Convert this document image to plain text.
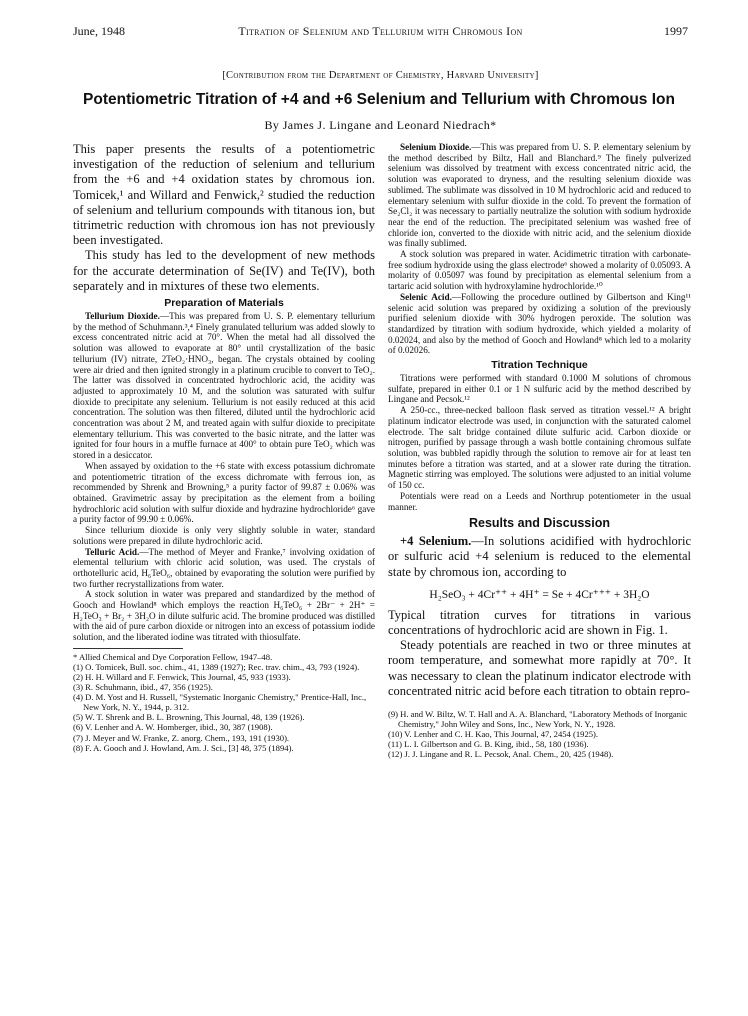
June, 1948	Titration of Selenium and Tellurium with Chromous Ion	1997
[Contribution from the Department of Chemistry, Harvard University]
Potentiometric Titration of +4 and +6 Selenium and Tellurium with Chromous Ion
By James J. Lingane and Leonard Niedrach*

This paper presents the results of a potentiometric investigation of the reduction of selenium and tellurium from the +6 and +4 oxidation states by chromous ion. Tomicek,¹ and Willard and Fenwick,² studied the reduction of selenium and tellurium compounds with titanous ion, but titrimetric reduction with chromous ion has not previously been investigated.

This study has led to the development of new methods for the accurate determination of Se(IV) and Te(IV), both separately and in mixtures of these two elements.

Preparation of Materials

Tellurium Dioxide.—This was prepared from U. S. P. elementary tellurium by the method of Schuhmann.³,⁴ Finely granulated tellurium was added slowly to excess concentrated nitric acid at 70°. When the metal had all dissolved the solution was allowed to evaporate at 80° until crystallization of the basic tellurium (IV) nitrate, 2TeO₂·HNO₃, began. The crystals obtained by cooling were air dried and then ignited strongly in a platinum crucible to convert to TeO₂. The latter was dissolved in concentrated hydrochloric acid, the acidity was adjusted to approximately 10 M, and the solution was saturated with sulfur dioxide to precipitate any selenium. Tellurium is not easily reduced at this acid concentration. The solution was then filtered, diluted until the hydrochloric acid concentration was about 2 M, and treated again with sulfur dioxide to precipitate elementary tellurium. This was converted to the basic nitrate, and the latter was ignited for four hours in a muffle furnace at 400° to obtain pure TeO₂ which was stored in a desiccator.

When assayed by oxidation to the +6 state with excess potassium dichromate and potentiometric titration of the excess dichromate with ferrous ion, as recommended by Shrenk and Browning,⁵ a purity factor of 99.87 ± 0.06% was obtained. Gravimetric assay by precipitation as the element from a boiling hydrochloric acid solution with sulfur dioxide and hydrazine hydrochloride⁶ gave a purity factor of 99.90 ± 0.06%.

Since tellurium dioxide is only very slightly soluble in water, standard solutions were prepared in dilute hydrochloric acid.

Telluric Acid.—The method of Meyer and Franke,⁷ involving oxidation of elemental tellurium with chloric acid solution, was used. The crystals of orthotelluric acid, H₆TeO₆, obtained by evaporating the solution were purified by two further recrystallizations from water.

A stock solution in water was prepared and standardized by the method of Gooch and Howland⁸ which employs the reaction H₆TeO₆ + 2Br⁻ + 2H⁺ = H₂TeO₃ + Br₂ + 3H₂O in dilute sulfuric acid. The bromine produced was distilled with the aid of pure carbon dioxide or nitrogen into an excess of potassium iodide solution, and the liberated iodine was titrated with thiosulfate.

* Allied Chemical and Dye Corporation Fellow, 1947–48.

(1) O. Tomicek, Bull. soc. chim., 41, 1389 (1927); Rec. trav. chim., 43, 793 (1924).

(2) H. H. Willard and F. Fenwick, This Journal, 45, 933 (1933).

(3) R. Schuhmann, ibid., 47, 356 (1925).

(4) D. M. Yost and H. Russell, "Systematic Inorganic Chemistry," Prentice-Hall, Inc., New York, N. Y., 1944, p. 312.

(5) W. T. Shrenk and B. L. Browning, This Journal, 48, 139 (1926).

(6) V. Lenher and A. W. Homberger, ibid., 30, 387 (1908).

(7) J. Meyer and W. Franke, Z. anorg. Chem., 193, 191 (1930).

(8) F. A. Gooch and J. Howland, Am. J. Sci., [3] 48, 375 (1894).

Selenium Dioxide.—This was prepared from U. S. P. elementary selenium by the method described by Biltz, Hall and Blanchard.⁹ The finely pulverized selenium was dissolved by treatment with excess concentrated nitric acid, the solution was evaporated to dryness, and the resulting selenium dioxide was sublimed. The sublimate was dissolved in 10 M hydrochloric acid and reduced to elementary selenium with sulfur dioxide in the cold. To prevent the formation of Se₂Cl₂ it was necessary to partially neutralize the solution with sodium hydroxide near the end of the reduction. The precipitated selenium was washed free of chloride ion, converted to the dioxide with nitric acid, and the selenium dioxide was finally sublimed.

A stock solution was prepared in water. Acidimetric titration with carbonate-free sodium hydroxide using the glass electrode⁶ showed a molarity of 0.05093. A molarity of 0.05097 was found by precipitation as elemental selenium from a tartaric acid solution with hydroxylamine hydrochloride.¹⁰

Selenic Acid.—Following the procedure outlined by Gilbertson and King¹¹ selenic acid solution was prepared by oxidizing a solution of the previously purified selenium dioxide with 30% hydrogen peroxide. The solution was standardized by titration with sodium hydroxide, which yielded a molarity of 0.02024, and also by the method of Gooch and Howland⁸ which led to a molarity of 0.02026.

Titration Technique

Titrations were performed with standard 0.1000 M solutions of chromous sulfate, prepared in either 0.1 or 1 N sulfuric acid by the method described by Lingane and Pecsok.¹²

A 250-cc., three-necked balloon flask served as titration vessel.¹² A bright platinum indicator electrode was used, in conjunction with the saturated calomel electrode. The salt bridge contained dilute sulfuric acid. Carbon dioxide or nitrogen, purified by passage through a wash bottle containing chromous sulfate solution, was bubbled rapidly through the solution to remove air for at least ten minutes before a titration was started, and at a slower rate during the titration. Magnetic stirring was employed. The solutions were adjusted to an initial volume of 150 cc.

Potentials were read on a Leeds and Northrup potentiometer in the usual manner.

Results and Discussion

+4 Selenium.—In solutions acidified with hydrochloric or sulfuric acid +4 selenium is reduced to the elemental state by chromous ion, according to

H₂SeO₃ + 4Cr⁺⁺ + 4H⁺ = Se + 4Cr⁺⁺⁺ + 3H₂O

Typical titration curves for titrations in various concentrations of hydrochloric acid are shown in Fig. 1.

Steady potentials are reached in two or three minutes at room temperature, and somewhat more rapidly at 70°. It was necessary to clean the platinum indicator electrode with concentrated nitric acid before each titration to obtain repro-

(9) H. and W. Biltz, W. T. Hall and A. A. Blanchard, "Laboratory Methods of Inorganic Chemistry," John Wiley and Sons, Inc., New York, N. Y., 1928.

(10) V. Lenher and C. H. Kao, This Journal, 47, 2454 (1925).

(11) L. I. Gilbertson and G. B. King, ibid., 58, 180 (1936).

(12) J. J. Lingane and R. L. Pecsok, Anal. Chem., 20, 425 (1948).
